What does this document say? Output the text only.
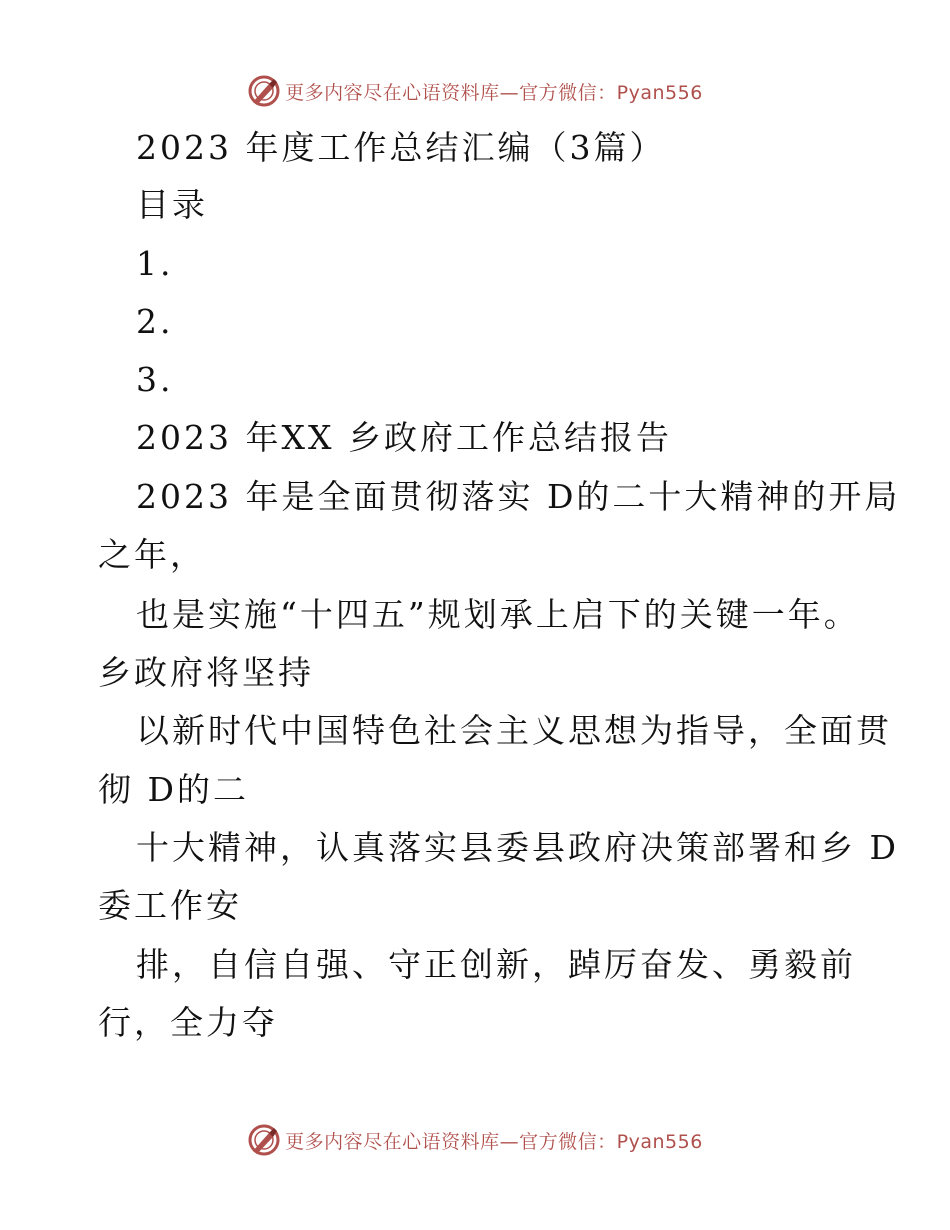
更多内容尽在心语资料库—官方微信：Pyan556
2023 年度工作总结汇编（3篇）
目录
1.
2.
3.
2023 年XX 乡政府工作总结报告
2023 年是全面贯彻落实 D的二十大精神的开局
之年，
也是实施“十四五”规划承上启下的关键一年。
乡政府将坚持
以新时代中国特色社会主义思想为指导，全面贯
彻 D的二
十大精神，认真落实县委县政府决策部署和乡 D
委工作安
排，自信自强、守正创新，踔厉奋发、勇毅前
行，全力夺
更多内容尽在心语资料库—官方微信：Pyan556
